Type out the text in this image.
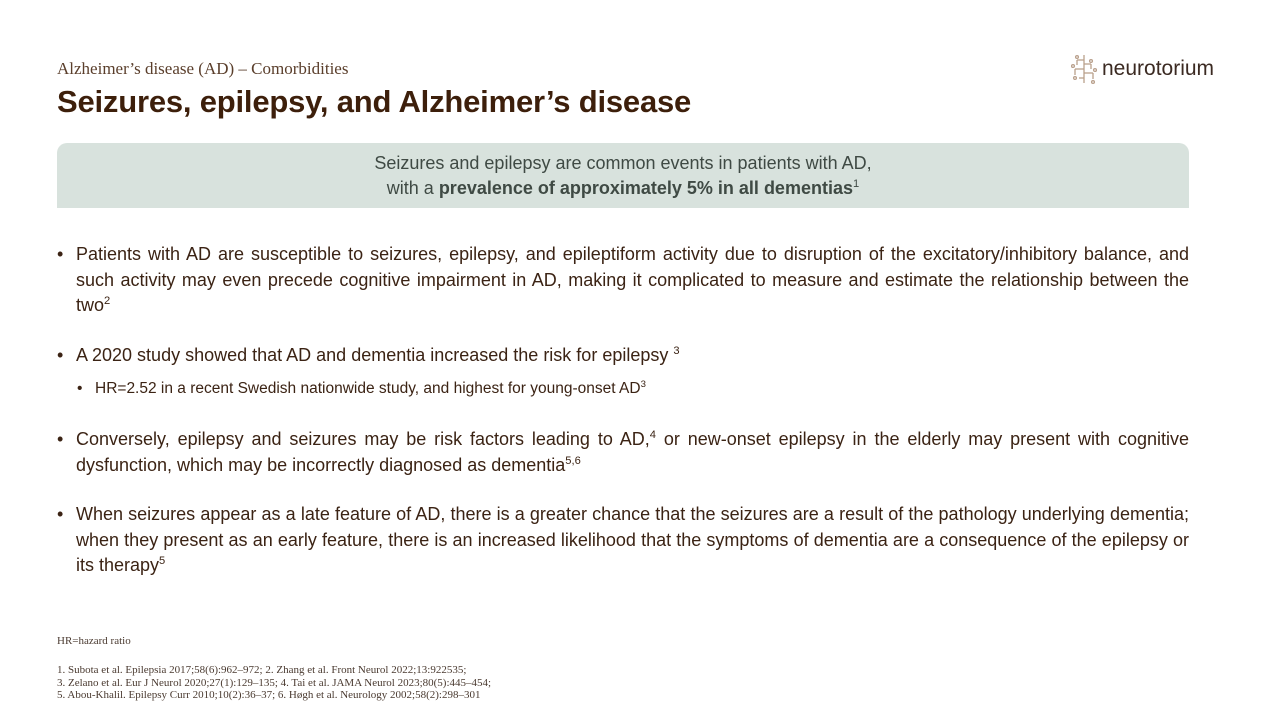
Alzheimer’s disease (AD) – Comorbidities
Seizures, epilepsy, and Alzheimer’s disease
neurotorium
Seizures and epilepsy are common events in patients with AD,
with a prevalence of approximately 5% in all dementias$^1$
• Patients with AD are susceptible to seizures, epilepsy, and epileptiform activity due to disruption of the excitatory/inhibitory balance, and such activity may even precede cognitive impairment in AD, making it complicated to measure and estimate the relationship between the two$^2$
• A 2020 study showed that AD and dementia increased the risk for epilepsy $^3$
• HR=2.52 in a recent Swedish nationwide study, and highest for young-onset $AD^3$
• Conversely, epilepsy and seizures may be risk factors leading to AD,$^4$ or new-onset epilepsy in the elderly may present with cognitive dysfunction, which may be incorrectly diagnosed as dementia$^{5,6}$
• When seizures appear as a late feature of AD, there is a greater chance that the seizures are a result of the pathology underlying dementia; when they present as an early feature, there is an increased likelihood that the symptoms of dementia are a consequence of the epilepsy or its therapy$^5$
HR=hazard ratio
1. Subota et al. Epilepsia 2017;58(6):962–972; 2. Zhang et al. Front Neurol 2022;13:922535;
3. Zelano et al. Eur J Neurol 2020;27(1):129–135; 4. Tai et al. JAMA Neurol 2023;80(5):445–454;
5. Abou-Khalil. Epilepsy Curr 2010;10(2):36–37; 6. Høgh et al. Neurology 2002;58(2):298–301
